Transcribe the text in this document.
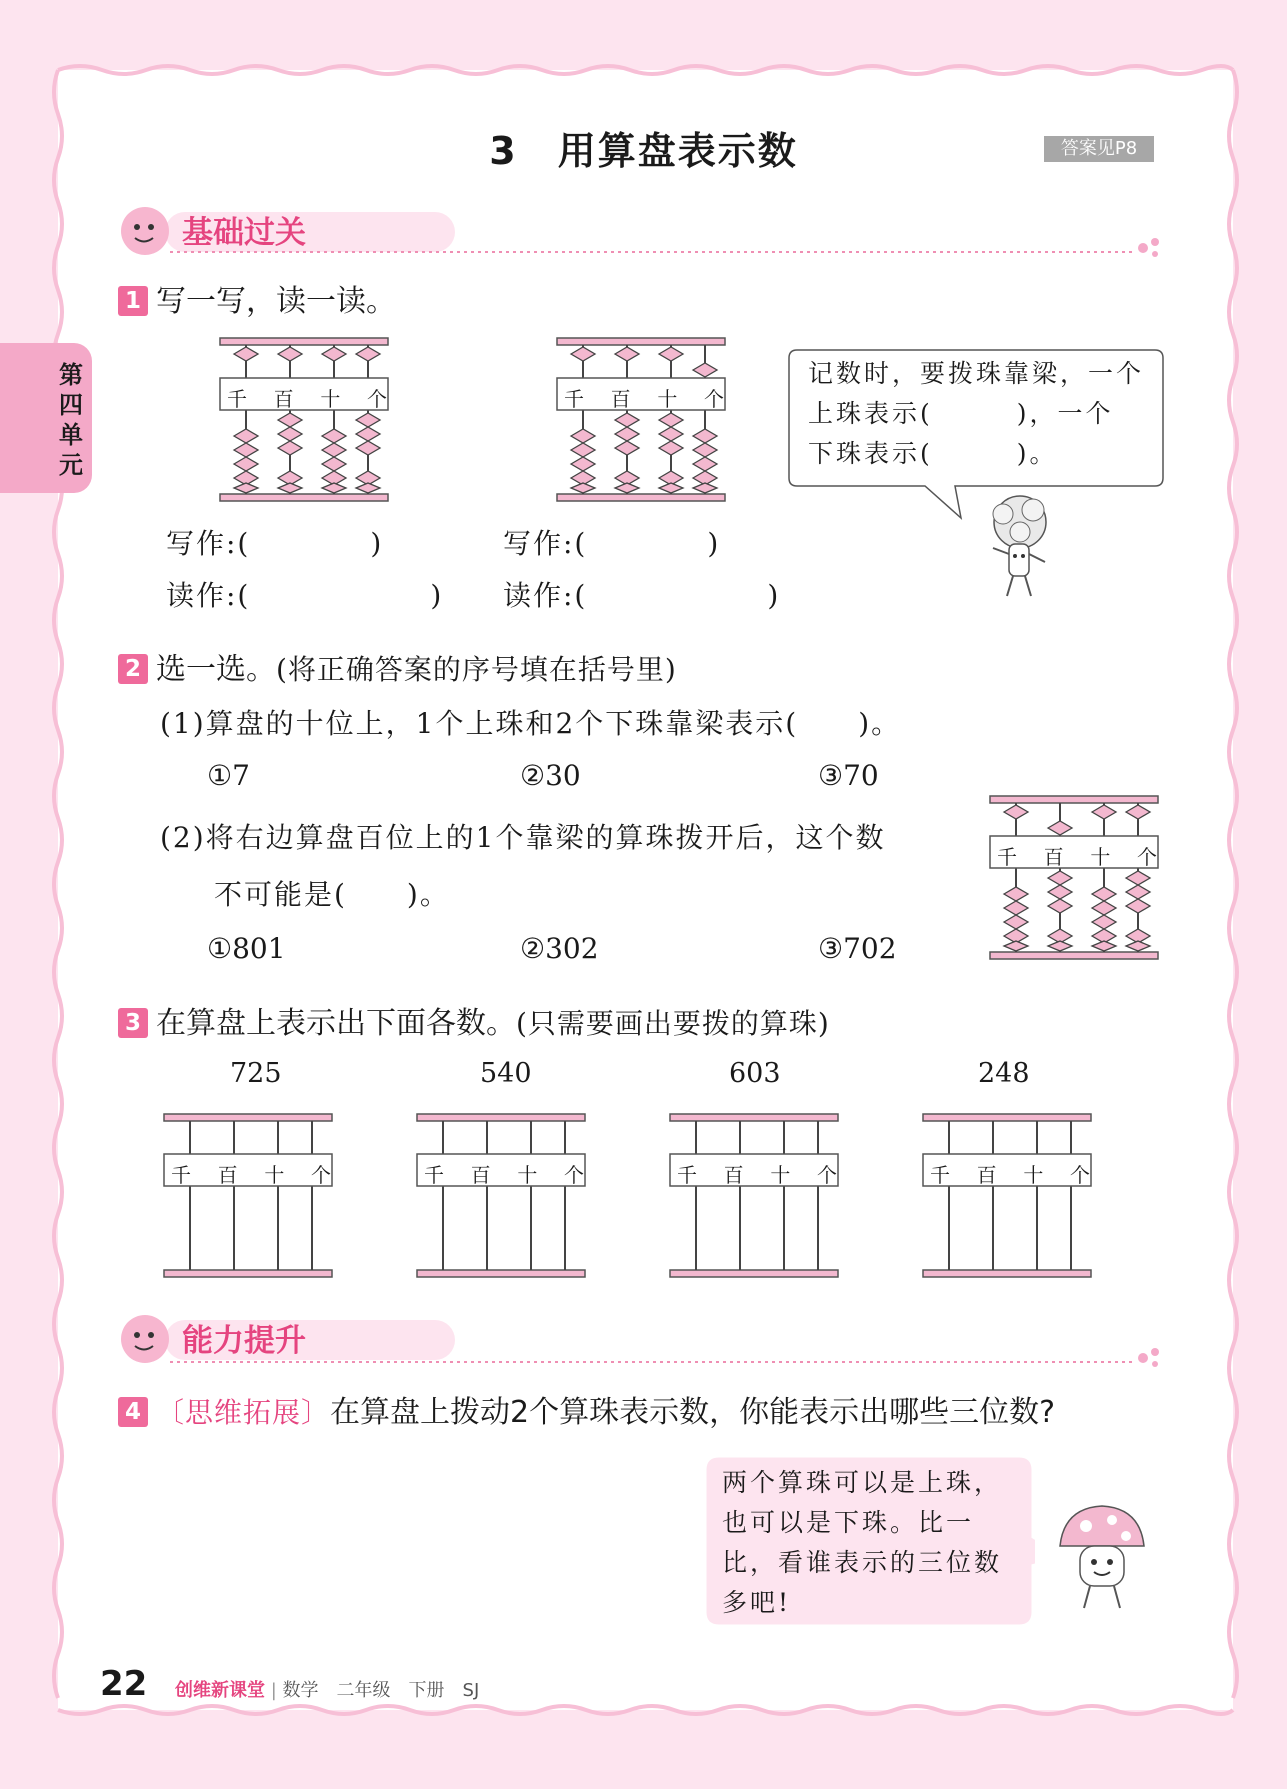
3　用算盘表示数	答案见P8
第四单元
基础过关
1 写一写，读一读。
千 百 十 个	千 百 十 个
写作:(　　　　)
读作:(　　　　　　)
写作:(　　　　)
读作:(　　　　　　)
记数时，要拨珠靠梁，一个
上珠表示(　　　)，一个
下珠表示(　　　)。
2 选一选。(将正确答案的序号填在括号里)
(1)算盘的十位上，1个上珠和2个下珠靠梁表示(　　)。
①7	②30	③70
(2)将右边算盘百位上的1个靠梁的算珠拨开后，这个数
不可能是(　　)。
①801	②302	③702
千 百 十 个
3 在算盘上表示出下面各数。(只需要画出要拨的算珠)
725	540	603	248
千 百 十 个	千 百 十 个	千 百 十 个	千 百 十 个
能力提升
4 〔思维拓展〕在算盘上拨动2个算珠表示数，你能表示出哪些三位数?
两个算珠可以是上珠，
也可以是下珠。比一
比，看谁表示的三位数
多吧!
22 创维新课堂 | 数学　二年级　下册　SJ
